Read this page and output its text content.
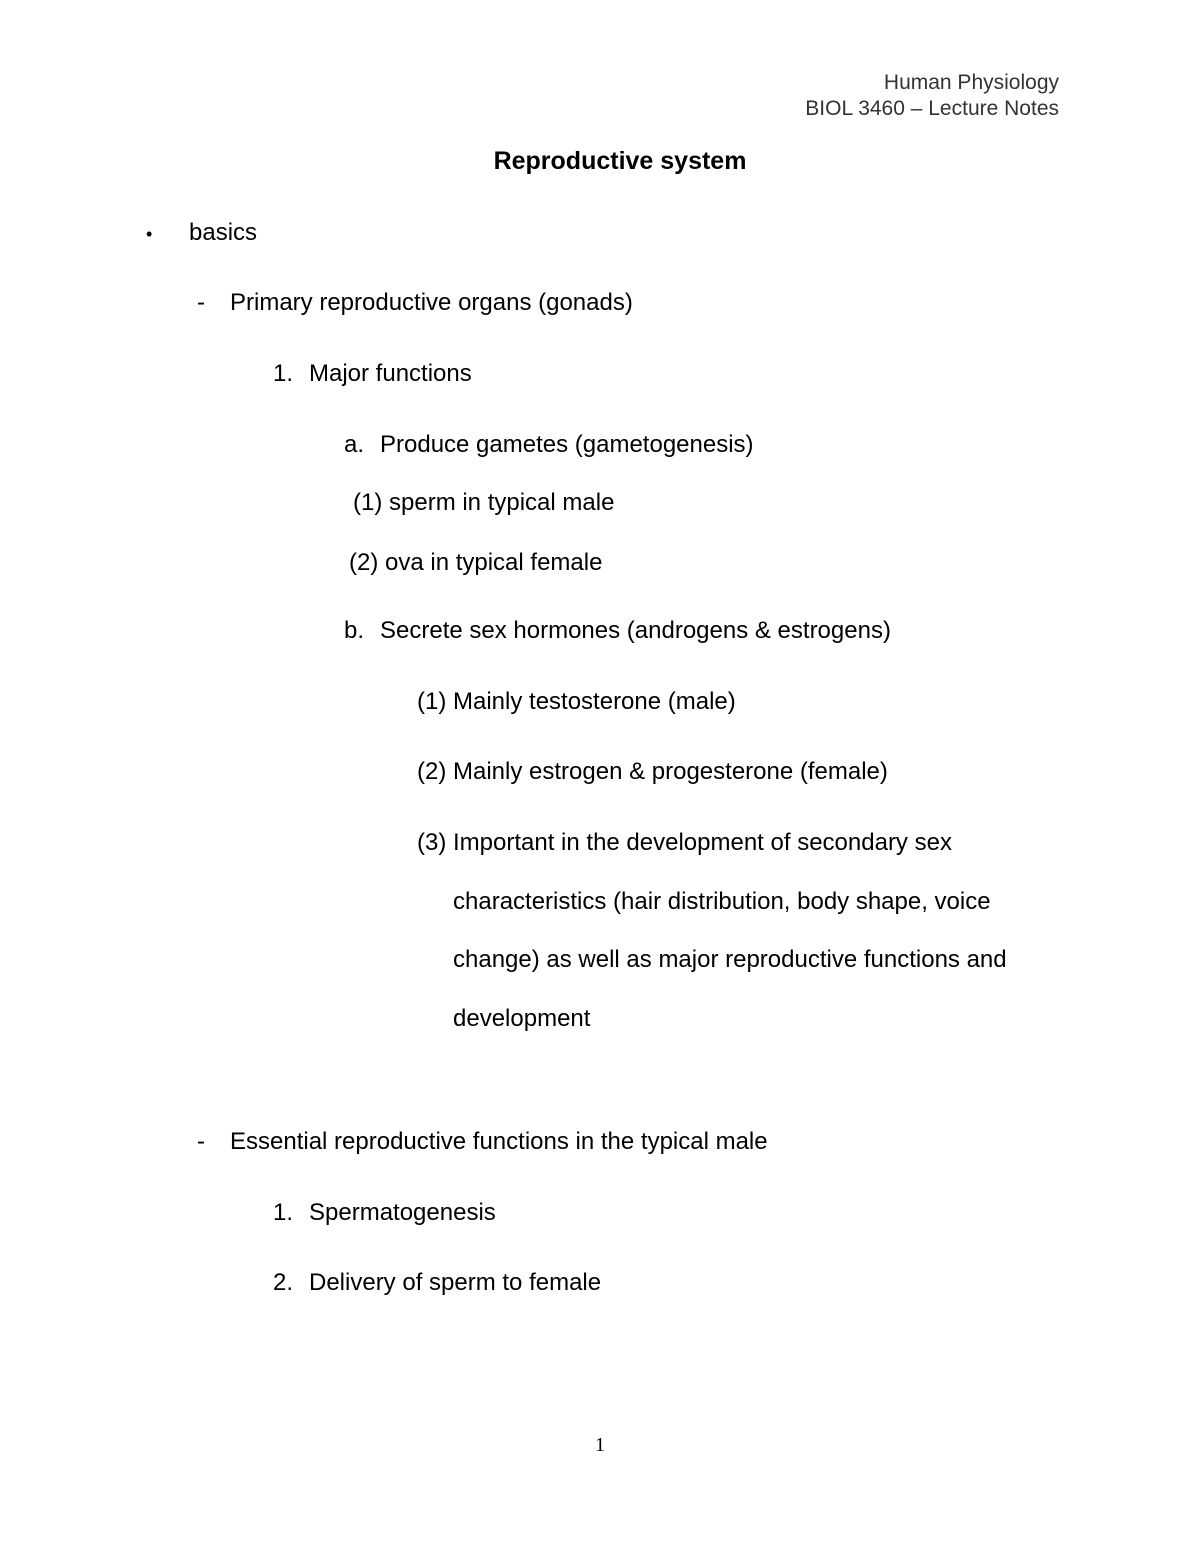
Human Physiology
BIOL 3460 – Lecture Notes
Reproductive system
• basics
- Primary reproductive organs (gonads)
1. Major functions
a. Produce gametes (gametogenesis)
(1) sperm in typical male
(2) ova in typical female
b. Secrete sex hormones (androgens & estrogens)
(1) Mainly testosterone (male)
(2) Mainly estrogen & progesterone (female)
(3) Important in the development of secondary sex
characteristics (hair distribution, body shape, voice
change) as well as major reproductive functions and
development
- Essential reproductive functions in the typical male
1. Spermatogenesis
2. Delivery of sperm to female
1
